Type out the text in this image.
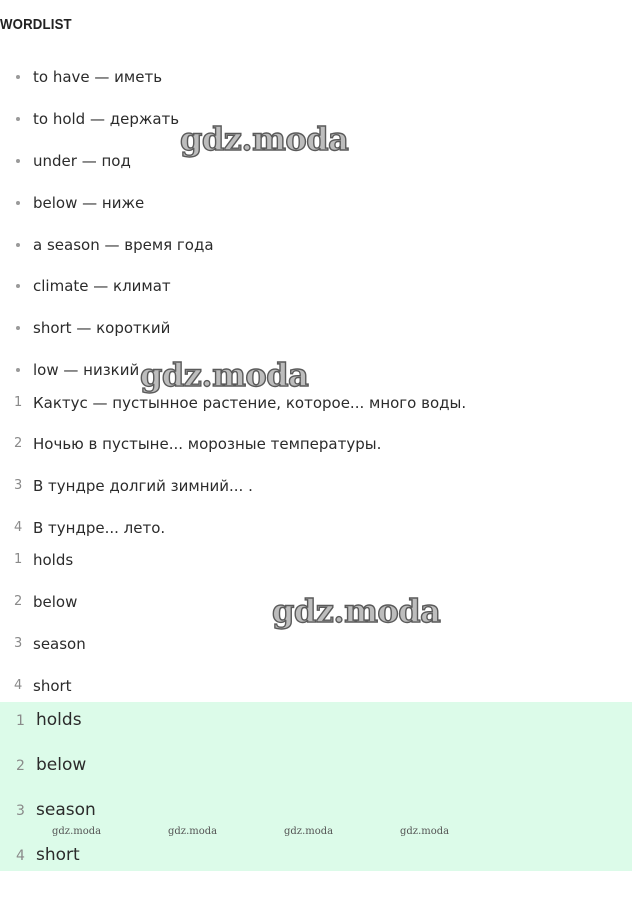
WORDLIST
to have — иметь
to hold — держать
under — под
below — ниже
a season — время года
climate — климат
short — короткий
low — низкий
1 Кактус — пустынное растение, которое... много воды.
2 Ночью в пустыне... морозные температуры.
3 В тундре долгий зимний... .
4 В тундре... лето.
1 holds
2 below
3 season
4 short
1 holds
2 below
3 season
4 short
gdz.moda
gdz.moda
gdz.moda
gdz.moda	gdz.moda	gdz.moda	gdz.moda
